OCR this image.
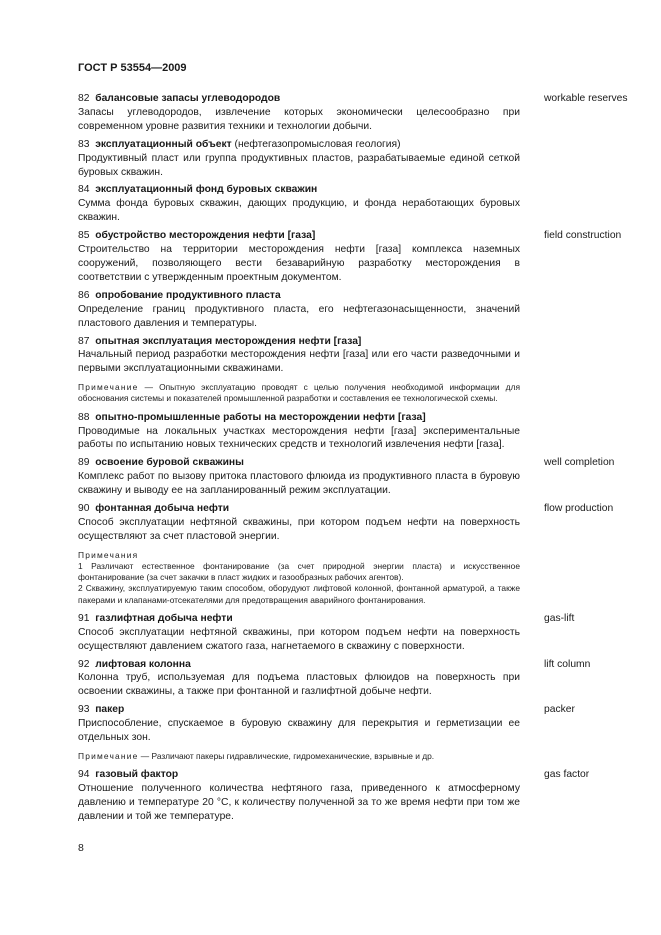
ГОСТ Р 53554—2009
82 балансовые запасы углеводородов
Запасы углеводородов, извлечение которых экономически целесообразно при современном уровне развития техники и технологии добычи.
workable reserves
83 эксплуатационный объект (нефтегазопромысловая геология)
Продуктивный пласт или группа продуктивных пластов, разрабатываемые единой сеткой буровых скважин.
84 эксплуатационный фонд буровых скважин
Сумма фонда буровых скважин, дающих продукцию, и фонда неработающих буровых скважин.
85 обустройство месторождения нефти [газа]
Строительство на территории месторождения нефти [газа] комплекса наземных сооружений, позволяющего вести безаварийную разработку месторождения в соответствии с утвержденным проектным документом.
field construction
86 опробование продуктивного пласта
Определение границ продуктивного пласта, его нефтегазонасыщенности, значений пластового давления и температуры.
87 опытная эксплуатация месторождения нефти [газа]
Начальный период разработки месторождения нефти [газа] или его части разведочными и первыми эксплуатационными скважинами.
Примечание — Опытную эксплуатацию проводят с целью получения необходимой информации для обоснования системы и показателей промышленной разработки и составления ее технологической схемы.
88 опытно-промышленные работы на месторождении нефти [газа]
Проводимые на локальных участках месторождения нефти [газа] экспериментальные работы по испытанию новых технических средств и технологий извлечения нефти [газа].
89 освоение буровой скважины
Комплекс работ по вызову притока пластового флюида из продуктивного пласта в буровую скважину и выводу ее на запланированный режим эксплуатации.
well completion
90 фонтанная добыча нефти
Способ эксплуатации нефтяной скважины, при котором подъем нефти на поверхность осуществляют за счет пластовой энергии.
flow production
Примечания
1 Различают естественное фонтанирование (за счет природной энергии пласта) и искусственное фонтанирование (за счет закачки в пласт жидких и газообразных рабочих агентов).
2 Скважину, эксплуатируемую таким способом, оборудуют лифтовой колонной, фонтанной арматурой, а также пакерами и клапанами-отсекателями для предотвращения аварийного фонтанирования.
91 газлифтная добыча нефти
Способ эксплуатации нефтяной скважины, при котором подъем нефти на поверхность осуществляют давлением сжатого газа, нагнетаемого в скважину с поверхности.
gas-lift
92 лифтовая колонна
Колонна труб, используемая для подъема пластовых флюидов на поверхность при освоении скважины, а также при фонтанной и газлифтной добыче нефти.
lift column
93 пакер
Приспособление, спускаемое в буровую скважину для перекрытия и герметизации ее отдельных зон.
packer
Примечание — Различают пакеры гидравлические, гидромеханические, взрывные и др.
94 газовый фактор
Отношение полученного количества нефтяного газа, приведенного к атмосферному давлению и температуре 20 °С, к количеству полученной за то же время нефти при том же давлении и той же температуре.
gas factor
8
